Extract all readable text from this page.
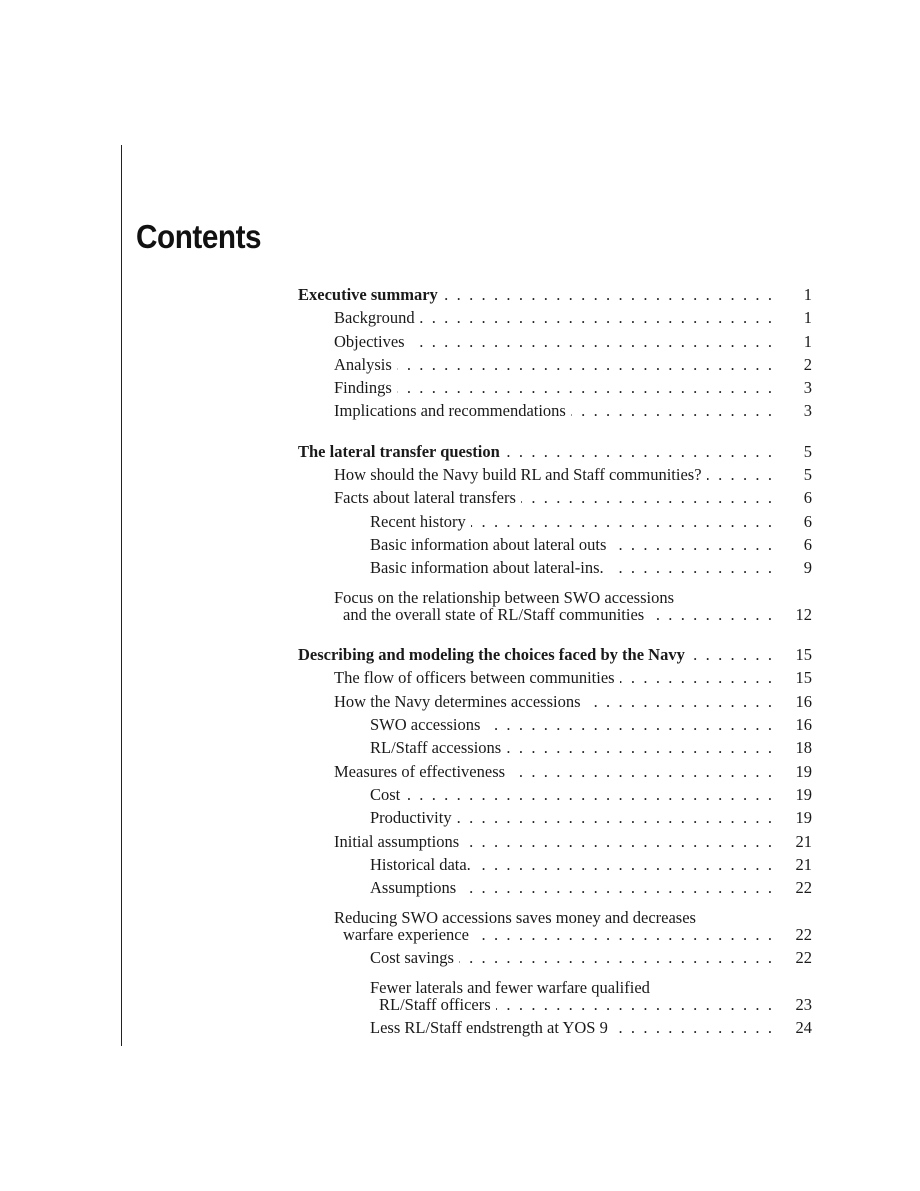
Contents
Executive summary . . .	1
Background . . .	1
Objectives . . .	1
Analysis . . .	2
Findings . . .	3
Implications and recommendations . . .	3
The lateral transfer question . . .	5
How should the Navy build RL and Staff communities? . . .	5
Facts about lateral transfers . . .	6
Recent history . . .	6
Basic information about lateral outs . . .	6
Basic information about lateral-ins. . . .	9
Focus on the relationship between SWO accessions
and the overall state of RL/Staff communities . . .	12
Describing and modeling the choices faced by the Navy . . .	15
The flow of officers between communities . . .	15
How the Navy determines accessions . . .	16
SWO accessions . . .	16
RL/Staff accessions . . .	18
Measures of effectiveness . . .	19
Cost . . .	19
Productivity . . .	19
Initial assumptions . . .	21
Historical data. . . .	21
Assumptions . . .	22
Reducing SWO accessions saves money and decreases
warfare experience . . .	22
Cost savings . . .	22
Fewer laterals and fewer warfare qualified
RL/Staff officers . . .	23
Less RL/Staff endstrength at YOS 9 . . .	24
